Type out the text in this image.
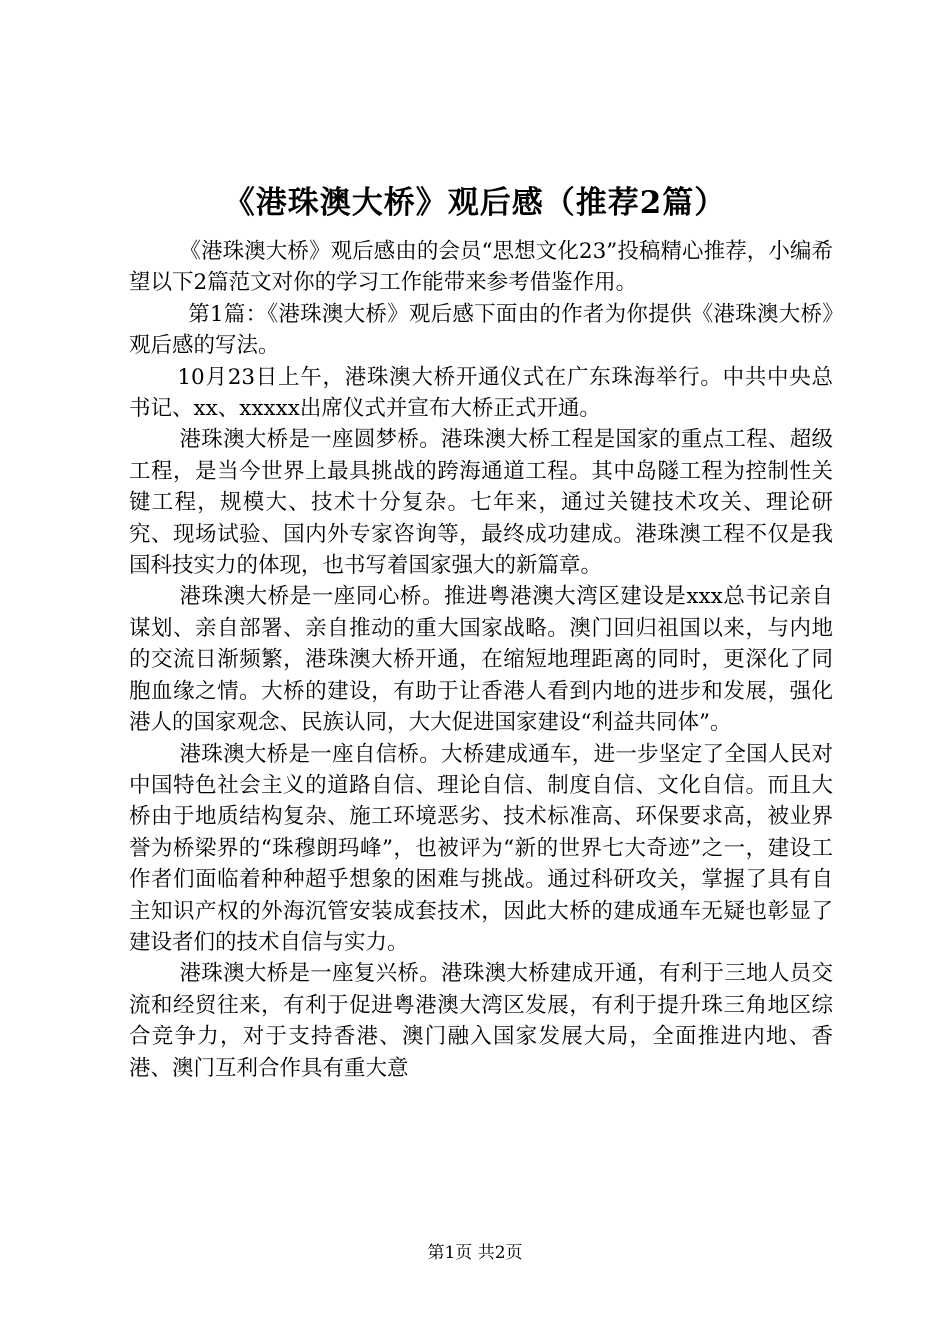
《港珠澳大桥》观后感（推荐2篇）

《港珠澳大桥》观后感由的会员“思想文化23”投稿精心推荐，小编希望以下2篇范文对你的学习工作能带来参考借鉴作用。

第1篇：《港珠澳大桥》观后感下面由的作者为你提供《港珠澳大桥》观后感的写法。

10月23日上午，港珠澳大桥开通仪式在广东珠海举行。中共中央总书记、xx、xxxxx出席仪式并宣布大桥正式开通。

港珠澳大桥是一座圆梦桥。港珠澳大桥工程是国家的重点工程、超级工程，是当今世界上最具挑战的跨海通道工程。其中岛隧工程为控制性关键工程，规模大、技术十分复杂。七年来，通过关键技术攻关、理论研究、现场试验、国内外专家咨询等，最终成功建成。港珠澳工程不仅是我国科技实力的体现，也书写着国家强大的新篇章。

港珠澳大桥是一座同心桥。推进粤港澳大湾区建设是xxx总书记亲自谋划、亲自部署、亲自推动的重大国家战略。澳门回归祖国以来，与内地的交流日渐频繁，港珠澳大桥开通，在缩短地理距离的同时，更深化了同胞血缘之情。大桥的建设，有助于让香港人看到内地的进步和发展，强化港人的国家观念、民族认同，大大促进国家建设“利益共同体”。

港珠澳大桥是一座自信桥。大桥建成通车，进一步坚定了全国人民对中国特色社会主义的道路自信、理论自信、制度自信、文化自信。而且大桥由于地质结构复杂、施工环境恶劣、技术标准高、环保要求高，被业界誉为桥梁界的“珠穆朗玛峰”，也被评为“新的世界七大奇迹”之一，建设工作者们面临着种种超乎想象的困难与挑战。通过科研攻关，掌握了具有自主知识产权的外海沉管安装成套技术，因此大桥的建成通车无疑也彰显了建设者们的技术自信与实力。

港珠澳大桥是一座复兴桥。港珠澳大桥建成开通，有利于三地人员交流和经贸往来，有利于促进粤港澳大湾区发展，有利于提升珠三角地区综合竞争力，对于支持香港、澳门融入国家发展大局，全面推进内地、香港、澳门互利合作具有重大意

第1页 共2页
